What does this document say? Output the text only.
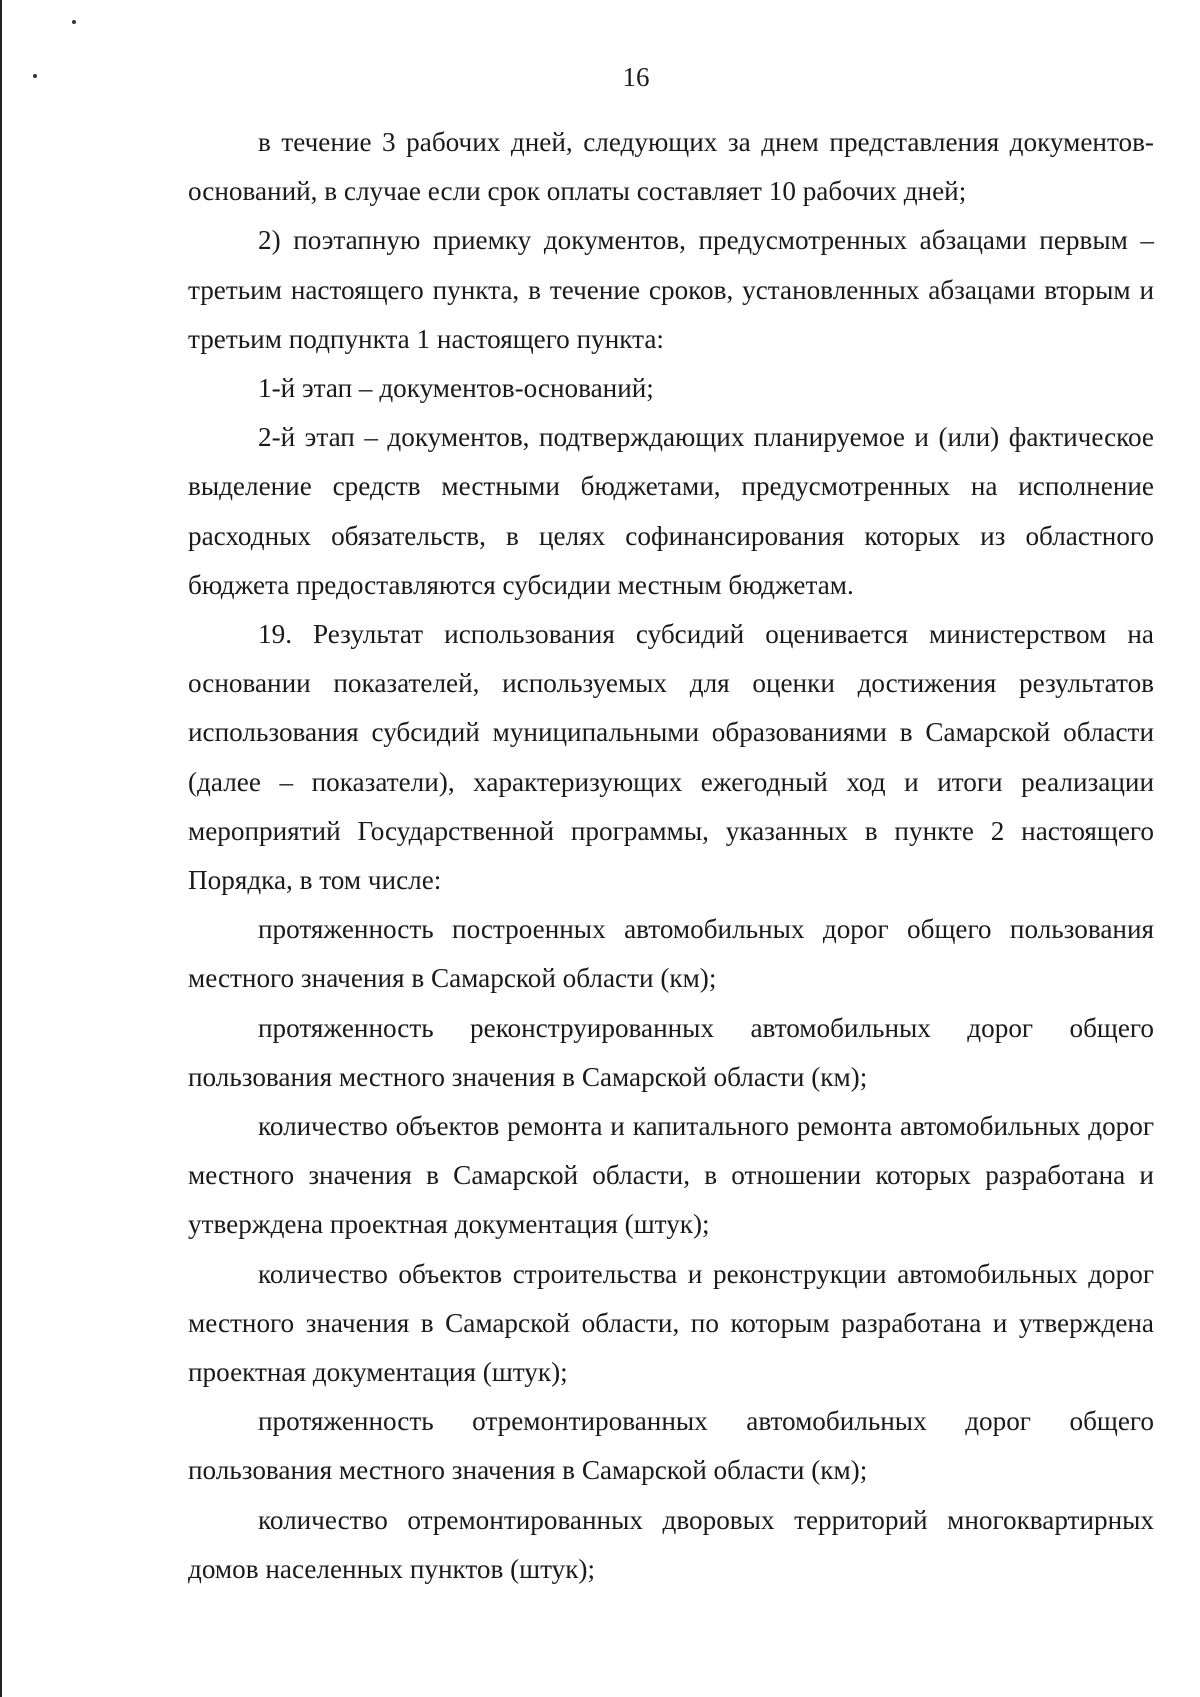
16

в течение 3 рабочих дней, следующих за днем представления документов-оснований, в случае если срок оплаты составляет 10 рабочих дней;

2) поэтапную приемку документов, предусмотренных абзацами первым – третьим настоящего пункта, в течение сроков, установленных абзацами вторым и третьим подпункта 1 настоящего пункта:

1-й этап – документов-оснований;

2-й этап – документов, подтверждающих планируемое и (или) фактическое выделение средств местными бюджетами, предусмотренных на исполнение расходных обязательств, в целях софинансирования которых из областного бюджета предоставляются субсидии местным бюджетам.

19. Результат использования субсидий оценивается министерством на основании показателей, используемых для оценки достижения результатов использования субсидий муниципальными образованиями в Самарской области (далее – показатели), характеризующих ежегодный ход и итоги реализации мероприятий Государственной программы, указанных в пункте 2 настоящего Порядка, в том числе:

протяженность построенных автомобильных дорог общего пользования местного значения в Самарской области (км);

протяженность реконструированных автомобильных дорог общего пользования местного значения в Самарской области (км);

количество объектов ремонта и капитального ремонта автомобильных дорог местного значения в Самарской области, в отношении которых разработана и утверждена проектная документация (штук);

количество объектов строительства и реконструкции автомобильных дорог местного значения в Самарской области, по которым разработана и утверждена проектная документация (штук);

протяженность отремонтированных автомобильных дорог общего пользования местного значения в Самарской области (км);

количество отремонтированных дворовых территорий многоквартирных домов населенных пунктов (штук);
